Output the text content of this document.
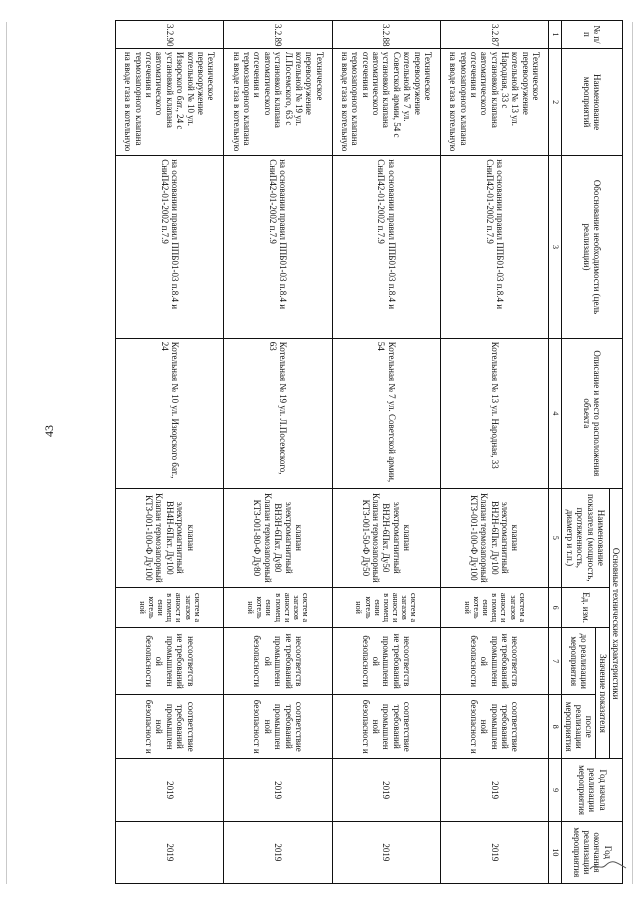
43
№ п/п	Наименование мероприятий	Обоснование необходимости (цель реализации)	Описание и место расположения объекта	Основные технические характеристики				Год начала реализации мероприятия	Год окончания реализации мероприятия
				Наименование показателя (мощность, протяженность, диаметр и т.п.)	Ед. изм.	Значение показателя			
						до реализации мероприятия	после реализации мероприятия		
1	2	3	4	5	6	7	8	9	10
3.2.87	Техническое перевооружение котельной № 13 ул. Народная, 33 с установкой клапана автоматического отсечения и термозапорного клапана на вводе газа в котельную	на основании правил ППБ01-03 п.8.4 и СниП42-01-2002 п.7.9	Котельная № 13 ул. Народная, 33	клапан электромагнитный ВН2Н-6Пкт. Ду100 Клапан термозапорный КТЗ-001-100-Ф Ду100	систем а загазов анност и в помещ ении котель ной	несоответств ие требований промышленн ой безопасности	соответствие требований промышлен ной безопасност и	2019	2019
3.2.88	Техническое перевооружение котельной № 7 ул. Советской армии, 54 с установкой клапана автоматического отсечения и термозапорного клапана на вводе газа в котельную	на основании правил ППБ01-03 п.8.4 и СниП42-01-2002 п.7.9	Котельная № 7 ул. Советской армии, 54	клапан электромагнитный ВН2Н-6Пкт. Ду50 Клапан термозапорный КТЗ-001-50-Ф Ду50	систем а загазов анност и в помещ ении котель ной	несоответств ие требований промышленн ой безопасности	соответствие требований промышлен ной безопасност и	2019	2019
3.2.89	Техническое перевооружение котельной № 19 ул. Л.Посемского, 63 с установкой клапана автоматического отсечения и термозапорного клапана на вводе газа в котельную	на основании правил ППБ01-03 п.8.4 и СниП42-01-2002 п.7.9	Котельная № 19 ул. Л.Посемского, 63	клапан электромагнитный ВН3Н-6Пкт. Ду80 Клапан термозапорный КТЗ-001-80-Ф Ду80	систем а загазов анност и в помещ ении котель ной	несоответств ие требований промышленн ой безопасности	соответствие требований промышлен ной безопасност и	2019	2019
3.2.90	Техническое перевооружение котельной № 10 ул. Изюрского бат., 24 с установкой клапана автоматического отсечения и термозапорного клапана на вводе газа в котельную	на основании правил ППБ01-03 п.8.4 и СниП42-01-2002 п.7.9	Котельная № 10 ул. Изюрского бат., 24	клапан электромагнитный ВН4Н-6Пкт. Ду100 Клапан термозапорный КТЗ-001-100-Ф Ду100	систем а загазов анност и в помещ ении котель ной	несоответств ие требований промышленн ой безопасности	соответствие требований промышлен ной безопасност и	2019	2019
